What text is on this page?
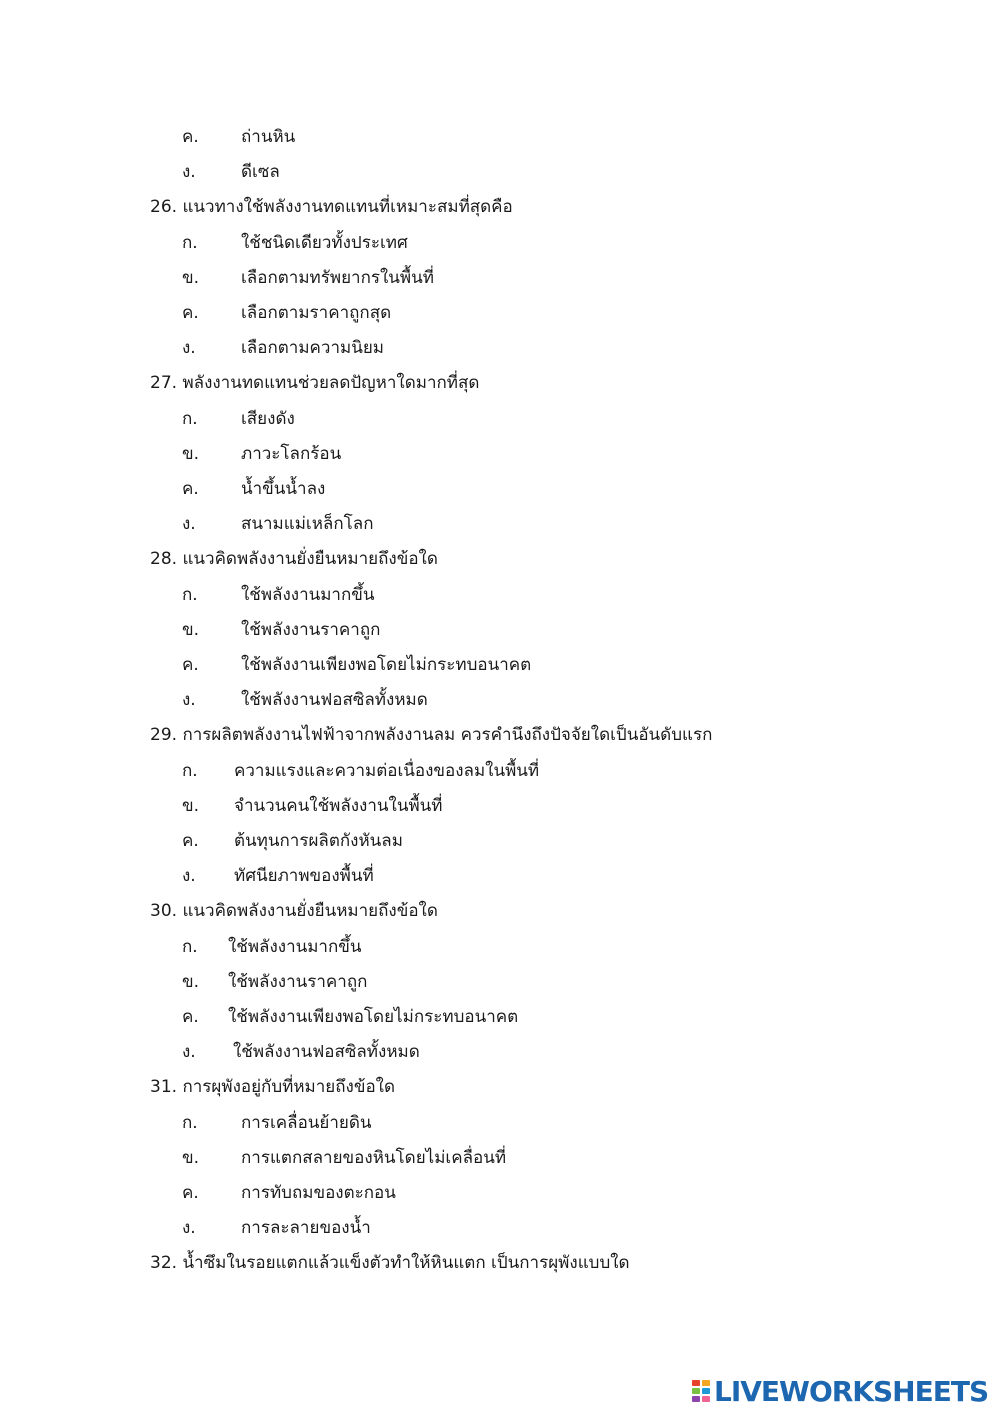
ค. ถ่านหิน
ง.	ดีเซล
26. แนวทางใช้พลังงานทดแทนที่เหมาะสมที่สุดคือ
ก.	ใช้ชนิดเดียวทั้งประเทศ
ข. เลือกตามทรัพยากรในพื้นที่
ค. เลือกตามราคาถูกสุด
ง.	เลือกตามความนิยม
27. พลังงานทดแทนช่วยลดปัญหาใดมากที่สุด
ก.	เสียงดัง
ข. ภาวะโลกร้อน
ค. น้ำขึ้นน้ำลง
ง.	สนามแม่เหล็กโลก
28. แนวคิดพลังงานยั่งยืนหมายถึงข้อใด
ก.	ใช้พลังงานมากขึ้น
ข. ใช้พลังงานราคาถูก
ค. ใช้พลังงานเพียงพอโดยไม่กระทบอนาคต
ง.	ใช้พลังงานฟอสซิลทั้งหมด
29. การผลิตพลังงานไฟฟ้าจากพลังงานลม ควรคำนึงถึงปัจจัยใดเป็นอันดับแรก
ก. ความแรงและความต่อเนื่องของลมในพื้นที่
ข. จำนวนคนใช้พลังงานในพื้นที่
ค. ต้นทุนการผลิตกังหันลม
ง. ทัศนียภาพของพื้นที่
30. แนวคิดพลังงานยั่งยืนหมายถึงข้อใด
ก. ใช้พลังงานมากขึ้น
ข. ใช้พลังงานราคาถูก
ค. ใช้พลังงานเพียงพอโดยไม่กระทบอนาคต
ง. ใช้พลังงานฟอสซิลทั้งหมด
31. การผุพังอยู่กับที่หมายถึงข้อใด
ก.	การเคลื่อนย้ายดิน
ข. การแตกสลายของหินโดยไม่เคลื่อนที่
ค. การทับถมของตะกอน
ง.	การละลายของน้ำ
32. น้ำซึมในรอยแตกแล้วแข็งตัวทำให้หินแตก เป็นการผุพังแบบใด
LIVEWORKSHEETS
